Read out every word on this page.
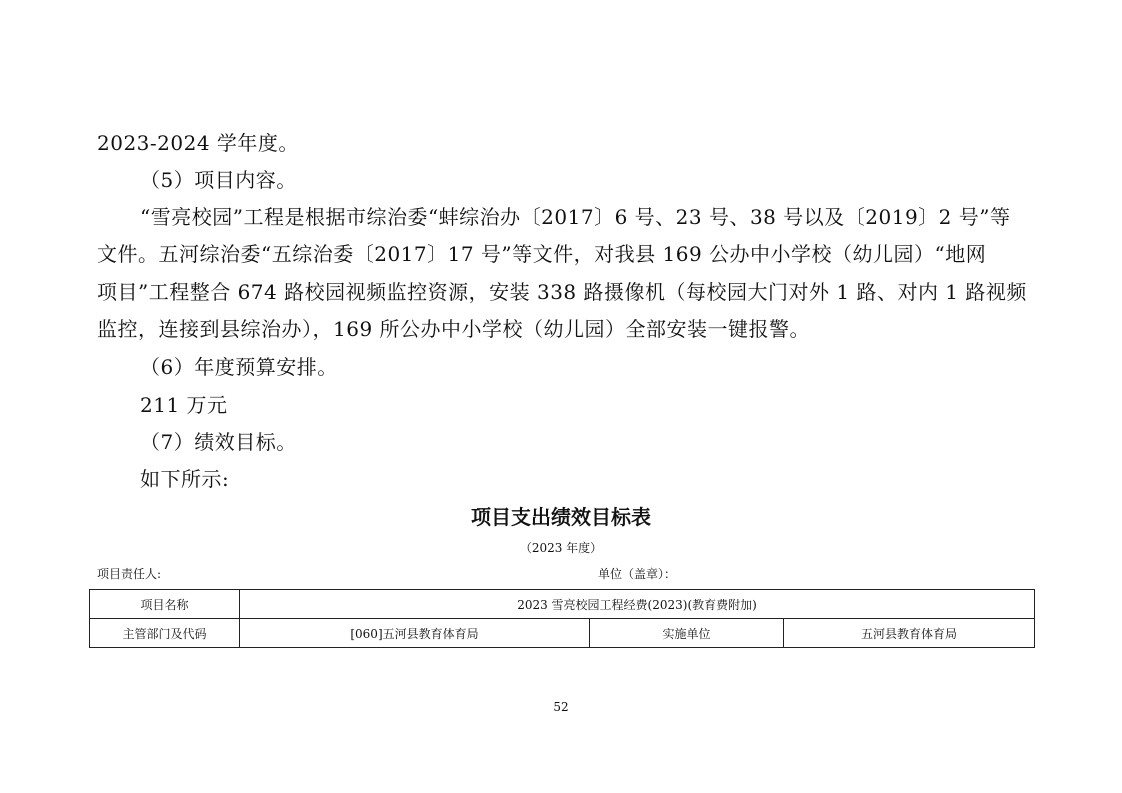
2023-2024 学年度。
（5）项目内容。
“雪亮校园”工程是根据市综治委“蚌综治办〔2017〕6 号、23 号、38 号以及〔2019〕2 号”等
文件。五河综治委“五综治委〔2017〕17 号”等文件，对我县 169 公办中小学校（幼儿园）“地网
项目”工程整合 674 路校园视频监控资源，安装 338 路摄像机（每校园大门对外 1 路、对内 1 路视频
监控，连接到县综治办），169 所公办中小学校（幼儿园）全部安装一键报警。
（6）年度预算安排。
211 万元
（7）绩效目标。
如下所示:
项目支出绩效目标表
（2023 年度）
项目责任人:	单位（盖章）：
项目名称	2023 雪亮校园工程经费(2023)(教育费附加)		
主管部门及代码	[060]五河县教育体育局	实施单位	五河县教育体育局
52
